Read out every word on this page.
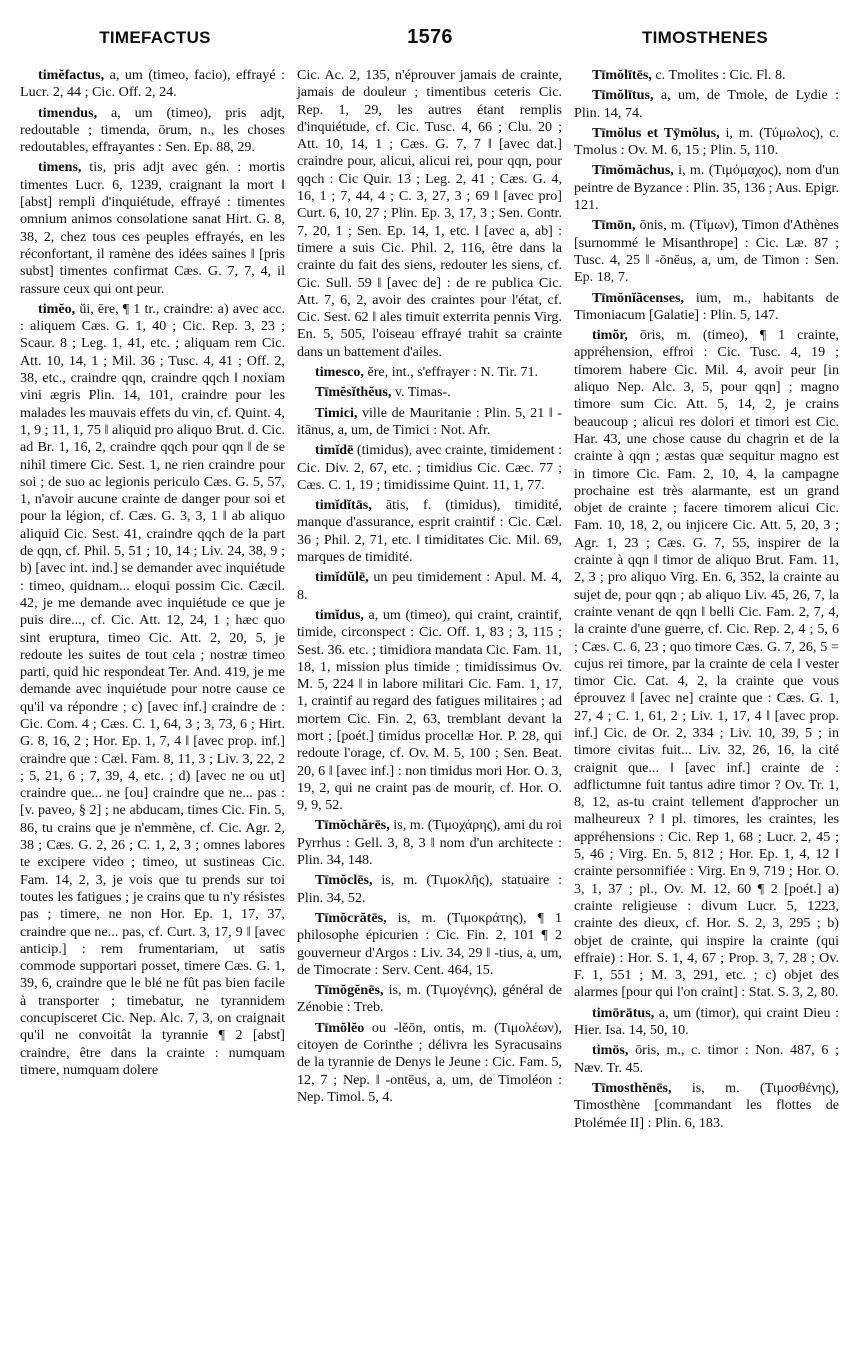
TIMEFACTUS	1576	TIMOSTHENES

timĕfactus, a, um (timeo, facio), effrayé : Lucr. 2, 44 ; Cic. Off. 2, 24.

timendus, a, um (timeo), pris adjt, redoutable ; timenda, ōrum, n., les choses redoutables, effrayantes : Sen. Ep. 88, 29.

timens, tis, pris adjt avec gén. : mortis timentes Lucr. 6, 1239, craignant la mort ‖ [abst] rempli d'inquiétude, effrayé : timentes omnium animos consolatione sanat Hirt. G. 8, 38, 2, chez tous ces peuples effrayés, en les réconfortant, il ramène des idées saines ‖ [pris subst] timentes confirmat Cæs. G. 7, 7, 4, il rassure ceux qui ont peur.

timĕo, ŭi, ēre, ¶ 1 tr., craindre: a) avec acc. : aliquem Cæs. G. 1, 40 ; Cic. Rep. 3, 23 ; Scaur. 8 ; Leg. 1, 41, etc. ; aliquam rem Cic. Att. 10, 14, 1 ; Mil. 36 ; Tusc. 4, 41 ; Off. 2, 38, etc., craindre qqn, craindre qqch ‖ noxiam vini ægris Plin. 14, 101, craindre pour les malades les mauvais effets du vin, cf. Quint. 4, 1, 9 ; 11, 1, 75 ‖ aliquid pro aliquo Brut. d. Cic. ad Br. 1, 16, 2, craindre qqch pour qqn ‖ de se nihil timere Cic. Sest. 1, ne rien craindre pour soi ; de suo ac legionis periculo Cæs. G. 5, 57, 1, n'avoir aucune crainte de danger pour soi et pour la légion, cf. Cæs. G. 3, 3, 1 ‖ ab aliquo aliquid Cic. Sest. 41, craindre qqch de la part de qqn, cf. Phil. 5, 51 ; 10, 14 ; Liv. 24, 38, 9 ; b) [avec int. ind.] se demander avec inquiétude : timeo, quidnam... eloqui possim Cic. Cæcil. 42, je me demande avec inquiétude ce que je puis dire..., cf. Cic. Att. 12, 24, 1 ; hæc quo sint eruptura, timeo Cic. Att. 2, 20, 5, je redoute les suites de tout cela ; nostræ timeo parti, quid hic respondeat Ter. And. 419, je me demande avec inquiétude pour notre cause ce qu'il va répondre ; c) [avec inf.] craindre de : Cic. Com. 4 ; Cæs. C. 1, 64, 3 ; 3, 73, 6 ; Hirt. G. 8, 16, 2 ; Hor. Ep. 1, 7, 4 ‖ [avec prop. inf.] craindre que : Cæl. Fam. 8, 11, 3 ; Liv. 3, 22, 2 ; 5, 21, 6 ; 7, 39, 4, etc. ; d) [avec ne ou ut] craindre que... ne [ou] craindre que ne... pas : [v. paveo, § 2] ; ne abducam, times Cic. Fin. 5, 86, tu crains que je n'emmène, cf. Cic. Agr. 2, 38 ; Cæs. G. 2, 26 ; C. 1, 2, 3 ; omnes labores te excipere video ; timeo, ut sustineas Cic. Fam. 14, 2, 3, je vois que tu prends sur toi toutes les fatigues ; je crains que tu n'y résistes pas ; timere, ne non Hor. Ep. 1, 17, 37, craindre que ne... pas, cf. Curt. 3, 17, 9 ‖ [avec anticip.] : rem frumentariam, ut satis commode supportari posset, timere Cæs. G. 1, 39, 6, craindre que le blé ne fût pas bien facile à transporter ; timebatur, ne tyrannidem concupisceret Cic. Nep. Alc. 7, 3, on craignait qu'il ne convoitât la tyrannie ¶ 2 [abst] craindre, être dans la crainte : numquam timere, numquam dolere

Cic. Ac. 2, 135, n'éprouver jamais de crainte, jamais de douleur ; timentibus ceteris Cic. Rep. 1, 29, les autres étant remplis d'inquiétude, cf. Cic. Tusc. 4, 66 ; Clu. 20 ; Att. 10, 14, 1 ; Cæs. G. 7, 7 ‖ [avec dat.] craindre pour, alicui, alicui rei, pour qqn, pour qqch : Cic Quir. 13 ; Leg. 2, 41 ; Cæs. G. 4, 16, 1 ; 7, 44, 4 ; C. 3, 27, 3 ; 69 ‖ [avec pro] Curt. 6, 10, 27 ; Plin. Ep. 3, 17, 3 ; Sen. Contr. 7, 20, 1 ; Sen. Ep. 14, 1, etc. ‖ [avec a, ab] : timere a suis Cic. Phil. 2, 116, être dans la crainte du fait des siens, redouter les siens, cf. Cic. Sull. 59 ‖ [avec de] : de re publica Cic. Att. 7, 6, 2, avoir des craintes pour l'état, cf. Cic. Sest. 62 ‖ ales timuit exterrita pennis Virg. En. 5, 505, l'oiseau effrayé trahit sa crainte dans un battement d'ailes.

timesco, ĕre, int., s'effrayer : N. Tir. 71.

Tīmĕsĭthĕus, v. Timas-.

Timici, ville de Mauritanie : Plin. 5, 21 ‖ -itānus, a, um, de Timici : Not. Afr.

timĭdē (timidus), avec crainte, timidement : Cic. Div. 2, 67, etc. ; timidius Cic. Cæc. 77 ; Cæs. C. 1, 19 ; timidissime Quint. 11, 1, 77.

timĭdĭtās, ātis, f. (timidus), timidité, manque d'assurance, esprit craintif : Cic. Cæl. 36 ; Phil. 2, 71, etc. ‖ timiditates Cic. Mil. 69, marques de timidité.

timĭdŭlē, un peu timidement : Apul. M. 4, 8.

timĭdus, a, um (timeo), qui craint, craintif, timide, circonspect : Cic. Off. 1, 83 ; 3, 115 ; Sest. 36. etc. ; timidiora mandata Cic. Fam. 11, 18, 1, mission plus timide ; timidissimus Ov. M. 5, 224 ‖ in labore militari Cic. Fam. 1, 17, 1, craintif au regard des fatigues militaires ; ad mortem Cic. Fin. 2, 63, tremblant devant la mort ; [poét.] timidus procellæ Hor. P. 28, qui redoute l'orage, cf. Ov. M. 5, 100 ; Sen. Beat. 20, 6 ‖ [avec inf.] : non timidus mori Hor. O. 3, 19, 2, qui ne craint pas de mourir, cf. Hor. O. 9, 9, 52.

Tīmŏchărēs, is, m. (Τιμοχάρης), ami du roi Pyrrhus : Gell. 3, 8, 3 ‖ nom d'un architecte : Plin. 34, 148.

Tīmŏclēs, is, m. (Τιμοκλῆς), statuaire : Plin. 34, 52.

Tīmŏcrătēs, is, m. (Τιμοκράτης), ¶ 1 philosophe épicurien : Cic. Fin. 2, 101 ¶ 2 gouverneur d'Argos : Liv. 34, 29 ‖ -tius, a, um, de Timocrate : Serv. Cent. 464, 15.

Tīmŏgĕnēs, is, m. (Τιμογένης), général de Zénobie : Treb.

Tīmŏlĕo ou -lĕōn, ontis, m. (Τιμολέων), citoyen de Corinthe ; délivra les Syracusains de la tyrannie de Denys le Jeune : Cic. Fam. 5, 12, 7 ; Nep. ‖ -ontēus, a, um, de Timoléon : Nep. Timol. 5, 4.

Tīmŏlītēs, c. Tmolites : Cic. Fl. 8.

Tīmŏlītus, a, um, de Tmole, de Lydie : Plin. 14, 74.

Tīmŏlus et Tȳmŏlus, i, m. (Τύμωλος), c. Tmolus : Ov. M. 6, 15 ; Plin. 5, 110.

Tīmŏmăchus, i, m. (Τιμόμαχος), nom d'un peintre de Byzance : Plin. 35, 136 ; Aus. Epigr. 121.

Tīmōn, ōnis, m. (Τίμων), Timon d'Athènes [surnommé le Misanthrope] : Cic. Læ. 87 ; Tusc. 4, 25 ‖ -ōnēus, a, um, de Timon : Sen. Ep. 18, 7.

Tīmŏnĭăcenses, ium, m., habitants de Timoniacum [Galatie] : Plin. 5, 147.

timŏr, ōris, m. (timeo), ¶ 1 crainte, appréhension, effroi : Cic. Tusc. 4, 19 ; timorem habere Cic. Mil. 4, avoir peur [in aliquo Nep. Alc. 3, 5, pour qqn] ; magno timore sum Cic. Att. 5, 14, 2, je crains beaucoup ; alicui res dolori et timori est Cic. Har. 43, une chose cause du chagrin et de la crainte à qqn ; æstas quæ sequitur magno est in timore Cic. Fam. 2, 10, 4, la campagne prochaine est très alarmante, est un grand objet de crainte ; facere timorem alicui Cic. Fam. 10, 18, 2, ou injicere Cic. Att. 5, 20, 3 ; Agr. 1, 23 ; Cæs. G. 7, 55, inspirer de la crainte à qqn ‖ timor de aliquo Brut. Fam. 11, 2, 3 ; pro aliquo Virg. En. 6, 352, la crainte au sujet de, pour qqn ; ab aliquo Liv. 45, 26, 7, la crainte venant de qqn ‖ belli Cic. Fam. 2, 7, 4, la crainte d'une guerre, cf. Cic. Rep. 2, 4 ; 5, 6 ; Cæs. C. 6, 23 ; quo timore Cæs. G. 7, 26, 5 = cujus rei timore, par la crainte de cela ‖ vester timor Cic. Cat. 4, 2, la crainte que vous éprouvez ‖ [avec ne] crainte que : Cæs. G. 1, 27, 4 ; C. 1, 61, 2 ; Liv. 1, 17, 4 ‖ [avec prop. inf.] Cic. de Or. 2, 334 ; Liv. 10, 39, 5 ; in timore civitas fuit... Liv. 32, 26, 16, la cité craignit que... ‖ [avec inf.] crainte de : adflictumne fuit tantus adire timor ? Ov. Tr. 1, 8, 12, as-tu craint tellement d'approcher un malheureux ? ‖ pl. timores, les craintes, les appréhensions : Cic. Rep 1, 68 ; Lucr. 2, 45 ; 5, 46 ; Virg. En. 5, 812 ; Hor. Ep. 1, 4, 12 ‖ crainte personnifiée : Virg. En 9, 719 ; Hor. O. 3, 1, 37 ; pl., Ov. M. 12, 60 ¶ 2 [poét.] a) crainte religieuse : divum Lucr. 5, 1223, crainte des dieux, cf. Hor. S. 2, 3, 295 ; b) objet de crainte, qui inspire la crainte (qui effraie) : Hor. S. 1, 4, 67 ; Prop. 3, 7, 28 ; Ov. F. 1, 551 ; M. 3, 291, etc. ; c) objet des alarmes [pour qui l'on craint] : Stat. S. 3, 2, 80.

timōrātus, a, um (timor), qui craint Dieu : Hier. Isa. 14, 50, 10.

timōs, ōris, m., c. timor : Non. 487, 6 ; Næv. Tr. 45.

Tīmosthĕnēs, is, m. (Τιμοσθένης), Timosthène [commandant les flottes de Ptolémée II] : Plin. 6, 183.
